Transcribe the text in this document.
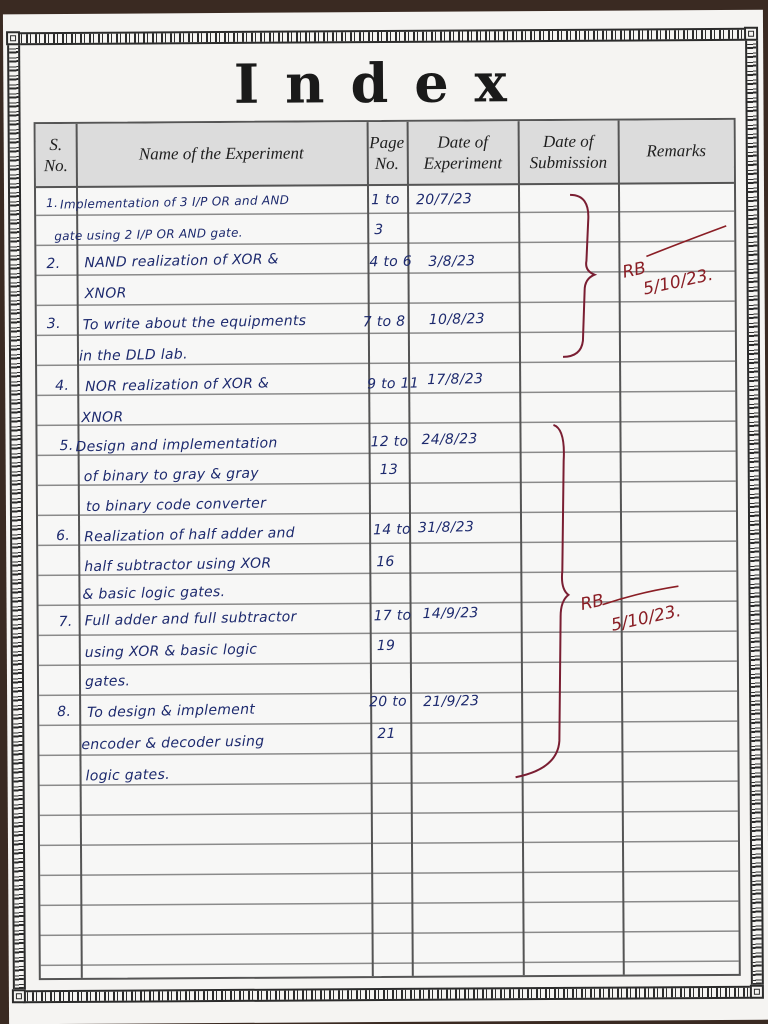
Index
S.
No.
Name of the Experiment
Page
No.
Date of
Experiment
Date of
Submission
Remarks
1. Implementation of 3 I/P OR and AND
gate using 2 I/P OR AND gate.
1 to
3
20/7/23
2. NAND realization of XOR &
XNOR
4 to 6 3/8/23
3. To write about the equipments
in the DLD lab.
7 to 8 10/8/23
4. NOR realization of XOR &
XNOR
9 to 11 17/8/23
5. Design and implementation
of binary to gray & gray
to binary code converter
12 to
13
24/8/23
6. Realization of half adder and
half subtractor using XOR
& basic logic gates.
14 to
16
31/8/23
7. Full adder and full subtractor
using XOR & basic logic
gates.
17 to
19
14/9/23
8. To design & implement
encoder & decoder using
logic gates.
20 to
21
21/9/23
RB
5/10/23.
RB 5/10/23.
